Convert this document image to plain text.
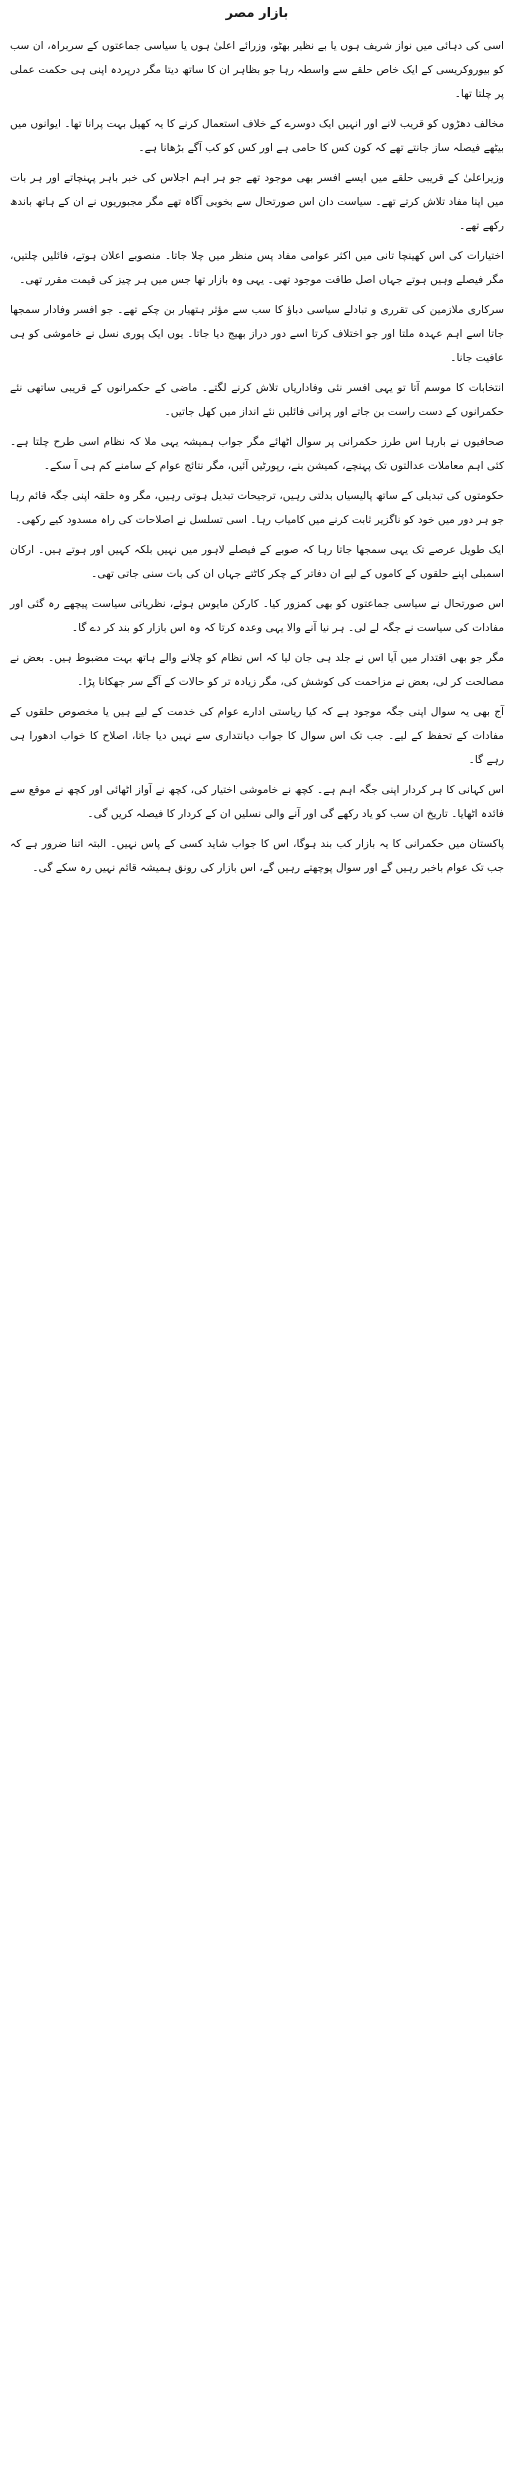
بازار مصر

اسی کی دہائی میں نواز شریف ہوں یا بے نظیر بھٹو، وزرائے اعلیٰ ہوں یا سیاسی جماعتوں کے سربراہ، ان سب کو بیوروکریسی کے ایک خاص حلقے سے واسطہ رہا جو بظاہر ان کا ساتھ دیتا مگر درپردہ اپنی ہی حکمت عملی پر چلتا تھا۔

مخالف دھڑوں کو قریب لانے اور انہیں ایک دوسرے کے خلاف استعمال کرنے کا یہ کھیل بہت پرانا تھا۔ ایوانوں میں بیٹھے فیصلہ ساز جانتے تھے کہ کون کس کا حامی ہے اور کس کو کب آگے بڑھانا ہے۔

وزیراعلیٰ کے قریبی حلقے میں ایسے افسر بھی موجود تھے جو ہر اہم اجلاس کی خبر باہر پہنچاتے اور ہر بات میں اپنا مفاد تلاش کرتے تھے۔ سیاست دان اس صورتحال سے بخوبی آگاہ تھے مگر مجبوریوں نے ان کے ہاتھ باندھ رکھے تھے۔

اختیارات کی اس کھینچا تانی میں اکثر عوامی مفاد پس منظر میں چلا جاتا۔ منصوبے اعلان ہوتے، فائلیں چلتیں، مگر فیصلے وہیں ہوتے جہاں اصل طاقت موجود تھی۔ یہی وہ بازار تھا جس میں ہر چیز کی قیمت مقرر تھی۔

سرکاری ملازمین کی تقرری و تبادلے سیاسی دباؤ کا سب سے مؤثر ہتھیار بن چکے تھے۔ جو افسر وفادار سمجھا جاتا اسے اہم عہدہ ملتا اور جو اختلاف کرتا اسے دور دراز بھیج دیا جاتا۔ یوں ایک پوری نسل نے خاموشی کو ہی عافیت جانا۔

انتخابات کا موسم آتا تو یہی افسر نئی وفاداریاں تلاش کرنے لگتے۔ ماضی کے حکمرانوں کے قریبی ساتھی نئے حکمرانوں کے دست راست بن جاتے اور پرانی فائلیں نئے انداز میں کھل جاتیں۔

صحافیوں نے بارہا اس طرز حکمرانی پر سوال اٹھائے مگر جواب ہمیشہ یہی ملا کہ نظام اسی طرح چلتا ہے۔ کئی اہم معاملات عدالتوں تک پہنچے، کمیشن بنے، رپورٹیں آئیں، مگر نتائج عوام کے سامنے کم ہی آ سکے۔

حکومتوں کی تبدیلی کے ساتھ پالیسیاں بدلتی رہیں، ترجیحات تبدیل ہوتی رہیں، مگر وہ حلقہ اپنی جگہ قائم رہا جو ہر دور میں خود کو ناگزیر ثابت کرنے میں کامیاب رہا۔ اسی تسلسل نے اصلاحات کی راہ مسدود کیے رکھی۔

ایک طویل عرصے تک یہی سمجھا جاتا رہا کہ صوبے کے فیصلے لاہور میں نہیں بلکہ کہیں اور ہوتے ہیں۔ ارکان اسمبلی اپنے حلقوں کے کاموں کے لیے ان دفاتر کے چکر کاٹتے جہاں ان کی بات سنی جاتی تھی۔

اس صورتحال نے سیاسی جماعتوں کو بھی کمزور کیا۔ کارکن مایوس ہوئے، نظریاتی سیاست پیچھے رہ گئی اور مفادات کی سیاست نے جگہ لے لی۔ ہر نیا آنے والا یہی وعدہ کرتا کہ وہ اس بازار کو بند کر دے گا۔

مگر جو بھی اقتدار میں آیا اس نے جلد ہی جان لیا کہ اس نظام کو چلانے والے ہاتھ بہت مضبوط ہیں۔ بعض نے مصالحت کر لی، بعض نے مزاحمت کی کوشش کی، مگر زیادہ تر کو حالات کے آگے سر جھکانا پڑا۔

آج بھی یہ سوال اپنی جگہ موجود ہے کہ کیا ریاستی ادارے عوام کی خدمت کے لیے ہیں یا مخصوص حلقوں کے مفادات کے تحفظ کے لیے۔ جب تک اس سوال کا جواب دیانتداری سے نہیں دیا جاتا، اصلاح کا خواب ادھورا ہی رہے گا۔

اس کہانی کا ہر کردار اپنی جگہ اہم ہے۔ کچھ نے خاموشی اختیار کی، کچھ نے آواز اٹھائی اور کچھ نے موقع سے فائدہ اٹھایا۔ تاریخ ان سب کو یاد رکھے گی اور آنے والی نسلیں ان کے کردار کا فیصلہ کریں گی۔

پاکستان میں حکمرانی کا یہ بازار کب بند ہوگا، اس کا جواب شاید کسی کے پاس نہیں۔ البتہ اتنا ضرور ہے کہ جب تک عوام باخبر رہیں گے اور سوال پوچھتے رہیں گے، اس بازار کی رونق ہمیشہ قائم نہیں رہ سکے گی۔
